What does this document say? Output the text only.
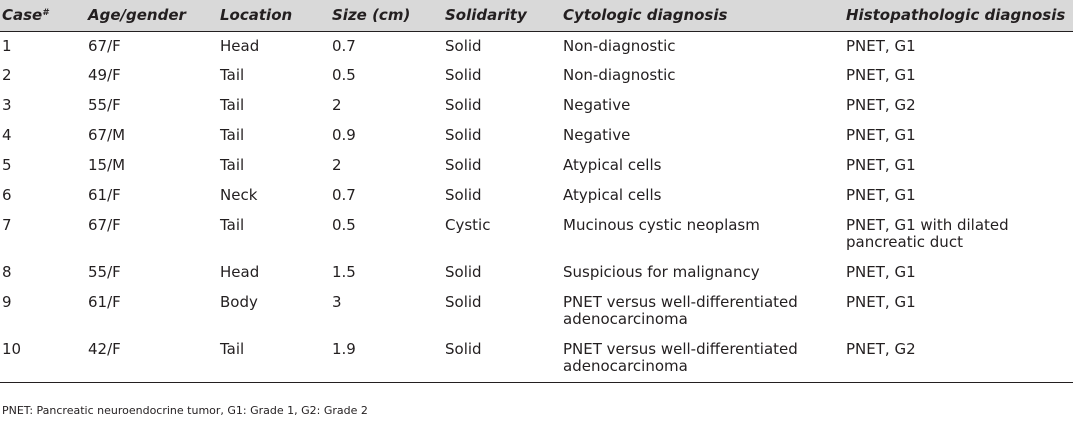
Case#	Age/gender	Location	Size (cm)	Solidarity	Cytologic diagnosis	Histopathologic diagnosis
1	67/F	Head	0.7	Solid	Non-diagnostic	PNET, G1
2	49/F	Tail	0.5	Solid	Non-diagnostic	PNET, G1
3	55/F	Tail	2	Solid	Negative	PNET, G2
4	67/M	Tail	0.9	Solid	Negative	PNET, G1
5	15/M	Tail	2	Solid	Atypical cells	PNET, G1
6	61/F	Neck	0.7	Solid	Atypical cells	PNET, G1
7	67/F	Tail	0.5	Cystic	Mucinous cystic neoplasm	PNET, G1 with dilated
pancreatic duct

8	55/F	Head	1.5	Solid	Suspicious for malignancy	PNET, G1
9	61/F	Body	3	Solid	PNET versus well-differentiated
adenocarcinoma	PNET, G1
10	42/F	Tail	1.9	Solid	PNET versus well-differentiated
adenocarcinoma	PNET, G2
PNET: Pancreatic neuroendocrine tumor, G1: Grade 1, G2: Grade 2
